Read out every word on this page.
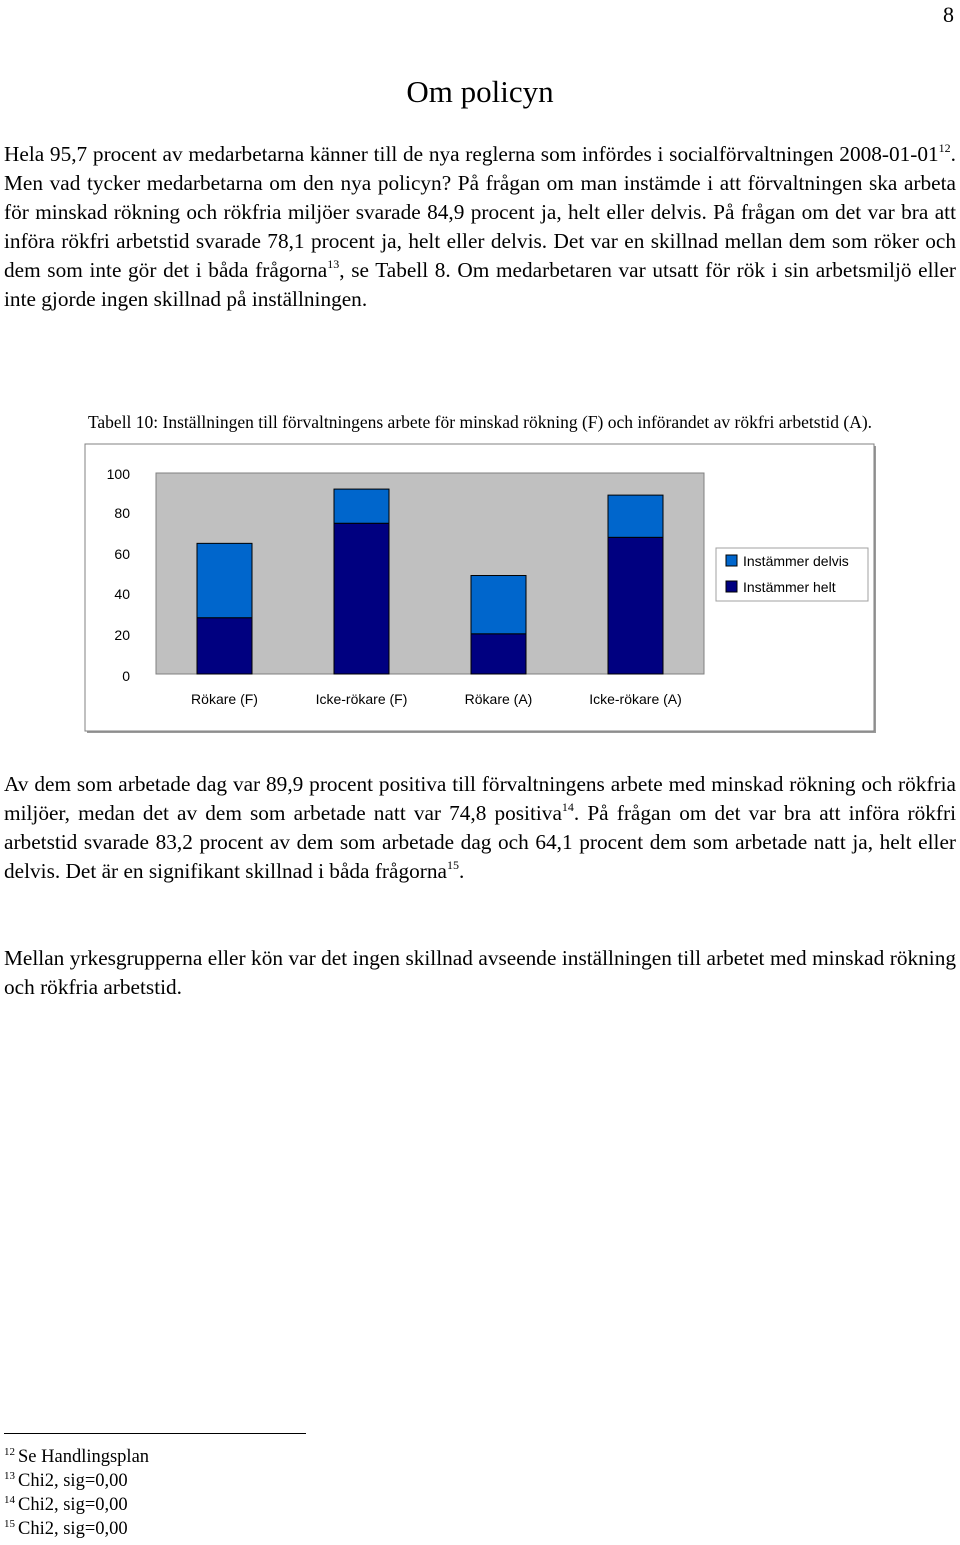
8
Om policyn

Hela 95,7 procent av medarbetarna känner till de nya reglerna som infördes i socialförvaltningen $2008-01-01^{12}$. Men vad tycker medarbetarna om den nya policyn? På frågan om man instämde i att förvaltningen ska arbeta för minskad rökning och rökfria miljöer svarade 84,9 procent ja, helt eller delvis. På frågan om det var bra att införa rökfri arbetstid svarade 78,1 procent ja, helt eller delvis. Det var en skillnad mellan dem som röker och dem som inte gör det i båda frågorna$^{13}$, se Tabell 8. Om medarbetaren var utsatt för rök i sin arbetsmiljö eller inte gjorde ingen skillnad på inställningen.

Tabell 10: Inställningen till förvaltningens arbete för minskad rökning (F) och införandet av rökfri arbetstid (A).

100
80
60
40
20
0
Rökare (F)	Icke-rökare (F)	Rökare (A)	Icke-rökare (A)
Instämmer delvis
Instämmer helt

Av dem som arbetade dag var 89,9 procent positiva till förvaltningens arbete med minskad rökning och rökfria miljöer, medan det av dem som arbetade natt var 74,8 positiva$^{14}$. På frågan om det var bra att införa rökfri arbetstid svarade 83,2 procent av dem som arbetade dag och 64,1 procent dem som arbetade natt ja, helt eller delvis. Det är en signifikant skillnad i båda frågorna$^{15}$.

Mellan yrkesgrupperna eller kön var det ingen skillnad avseende inställningen till arbetet med minskad rökning och rökfria arbetstid.

$^{12}$ Se Handlingsplan
$^{13}$ Chi2, sig=0,00
$^{14}$ Chi2, sig=0,00
$^{15}$ Chi2, sig=0,00
